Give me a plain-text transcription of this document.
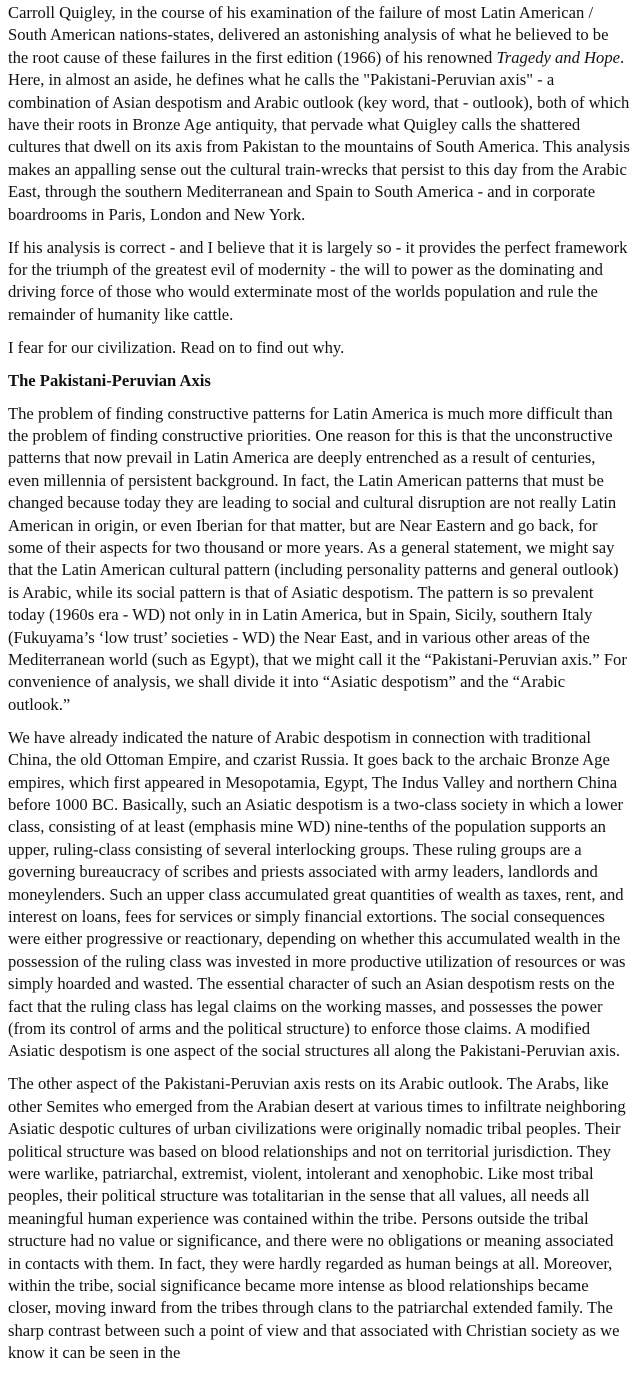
Carroll Quigley, in the course of his examination of the failure of most Latin American / South American nations-states, delivered an astonishing analysis of what he believed to be the root cause of these failures in the first edition (1966) of his renowned Tragedy and Hope. Here, in almost an aside, he defines what he calls the "Pakistani-Peruvian axis" - a combination of Asian despotism and Arabic outlook (key word, that - outlook), both of which have their roots in Bronze Age antiquity, that pervade what Quigley calls the shattered cultures that dwell on its axis from Pakistan to the mountains of South America. This analysis makes an appalling sense out the cultural train-wrecks that persist to this day from the Arabic East, through the southern Mediterranean and Spain to South America - and in corporate boardrooms in Paris, London and New York.

If his analysis is correct - and I believe that it is largely so - it provides the perfect framework for the triumph of the greatest evil of modernity - the will to power as the dominating and driving force of those who would exterminate most of the worlds population and rule the remainder of humanity like cattle.

I fear for our civilization. Read on to find out why.

The Pakistani-Peruvian Axis

The problem of finding constructive patterns for Latin America is much more difficult than the problem of finding constructive priorities. One reason for this is that the unconstructive patterns that now prevail in Latin America are deeply entrenched as a result of centuries, even millennia of persistent background. In fact, the Latin American patterns that must be changed because today they are leading to social and cultural disruption are not really Latin American in origin, or even Iberian for that matter, but are Near Eastern and go back, for some of their aspects for two thousand or more years. As a general statement, we might say that the Latin American cultural pattern (including personality patterns and general outlook) is Arabic, while its social pattern is that of Asiatic despotism. The pattern is so prevalent today (1960s era - WD) not only in in Latin America, but in Spain, Sicily, southern Italy (Fukuyama’s ‘low trust’ societies - WD) the Near East, and in various other areas of the Mediterranean world (such as Egypt), that we might call it the “Pakistani-Peruvian axis.” For convenience of analysis, we shall divide it into “Asiatic despotism” and the “Arabic outlook.”

We have already indicated the nature of Arabic despotism in connection with traditional China, the old Ottoman Empire, and czarist Russia. It goes back to the archaic Bronze Age empires, which first appeared in Mesopotamia, Egypt, The Indus Valley and northern China before 1000 BC. Basically, such an Asiatic despotism is a two-class society in which a lower class, consisting of at least (emphasis mine WD) nine-tenths of the population supports an upper, ruling-class consisting of several interlocking groups. These ruling groups are a governing bureaucracy of scribes and priests associated with army leaders, landlords and moneylenders. Such an upper class accumulated great quantities of wealth as taxes, rent, and interest on loans, fees for services or simply financial extortions. The social consequences were either progressive or reactionary, depending on whether this accumulated wealth in the possession of the ruling class was invested in more productive utilization of resources or was simply hoarded and wasted. The essential character of such an Asian despotism rests on the fact that the ruling class has legal claims on the working masses, and possesses the power (from its control of arms and the political structure) to enforce those claims. A modified Asiatic despotism is one aspect of the social structures all along the Pakistani-Peruvian axis.

The other aspect of the Pakistani-Peruvian axis rests on its Arabic outlook. The Arabs, like other Semites who emerged from the Arabian desert at various times to infiltrate neighboring Asiatic despotic cultures of urban civilizations were originally nomadic tribal peoples. Their political structure was based on blood relationships and not on territorial jurisdiction. They were warlike, patriarchal, extremist, violent, intolerant and xenophobic. Like most tribal peoples, their political structure was totalitarian in the sense that all values, all needs all meaningful human experience was contained within the tribe. Persons outside the tribal structure had no value or significance, and there were no obligations or meaning associated in contacts with them. In fact, they were hardly regarded as human beings at all. Moreover, within the tribe, social significance became more intense as blood relationships became closer, moving inward from the tribes through clans to the patriarchal extended family. The sharp contrast between such a point of view and that associated with Christian society as we know it can be seen in the
